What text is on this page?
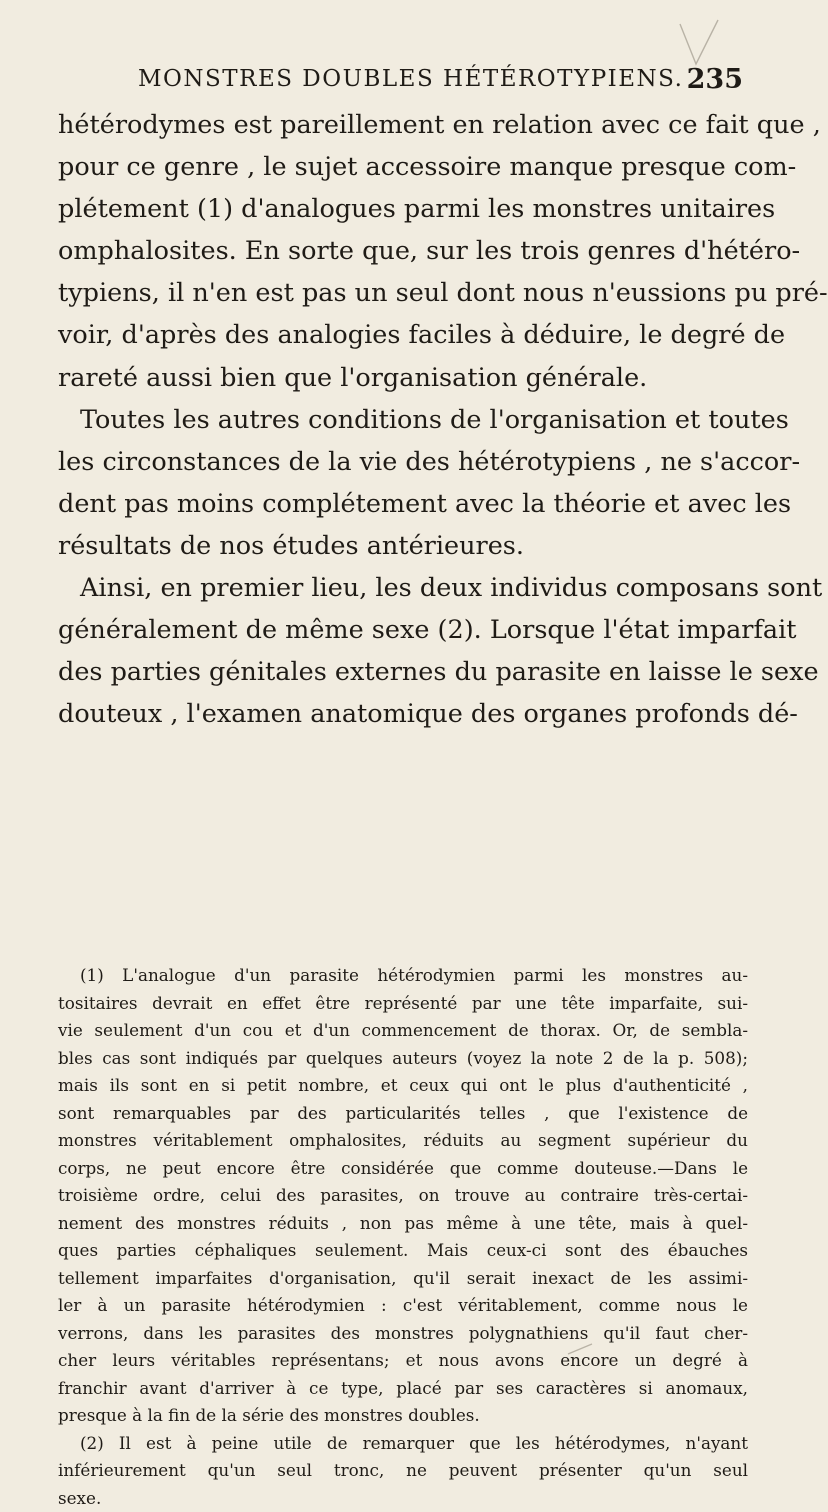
MONSTRES DOUBLES HÉTÉROTYPIENS. 235
hétérodymes est pareillement en relation avec ce fait que ,
pour ce genre , le sujet accessoire manque presque com-
plétement (1) d'analogues parmi les monstres unitaires
omphalosites. En sorte que, sur les trois genres d'hétéro-
typiens, il n'en est pas un seul dont nous n'eussions pu pré-
voir, d'après des analogies faciles à déduire, le degré de
rareté aussi bien que l'organisation générale.
Toutes les autres conditions de l'organisation et toutes
les circonstances de la vie des hétérotypiens , ne s'accor-
dent pas moins complétement avec la théorie et avec les
résultats de nos études antérieures.
Ainsi, en premier lieu, les deux individus composans sont
généralement de même sexe (2). Lorsque l'état imparfait
des parties génitales externes du parasite en laisse le sexe
douteux , l'examen anatomique des organes profonds dé-
(1) L'analogue d'un parasite hétérodymien parmi les monstres au-
tositaires devrait en effet être représenté par une tête imparfaite, sui-
vie seulement d'un cou et d'un commencement de thorax. Or, de sembla-
bles cas sont indiqués par quelques auteurs (voyez la note 2 de la p. 508);
mais ils sont en si petit nombre, et ceux qui ont le plus d'authenticité ,
sont remarquables par des particularités telles , que l'existence de
monstres véritablement omphalosites, réduits au segment supérieur du
corps, ne peut encore être considérée que comme douteuse.—Dans le
troisième ordre, celui des parasites, on trouve au contraire très-certai-
nement des monstres réduits , non pas même à une tête, mais à quel-
ques parties céphaliques seulement. Mais ceux-ci sont des ébauches
tellement imparfaites d'organisation, qu'il serait inexact de les assimi-
ler à un parasite hétérodymien : c'est véritablement, comme nous le
verrons, dans les parasites des monstres polygnathiens qu'il faut cher-
cher leurs véritables représentans; et nous avons encore un degré à
franchir avant d'arriver à ce type, placé par ses caractères si anomaux,
presque à la fin de la série des monstres doubles.
(2) Il est à peine utile de remarquer que les hétérodymes, n'ayant
inférieurement qu'un seul tronc, ne peuvent présenter qu'un seul
sexe.
